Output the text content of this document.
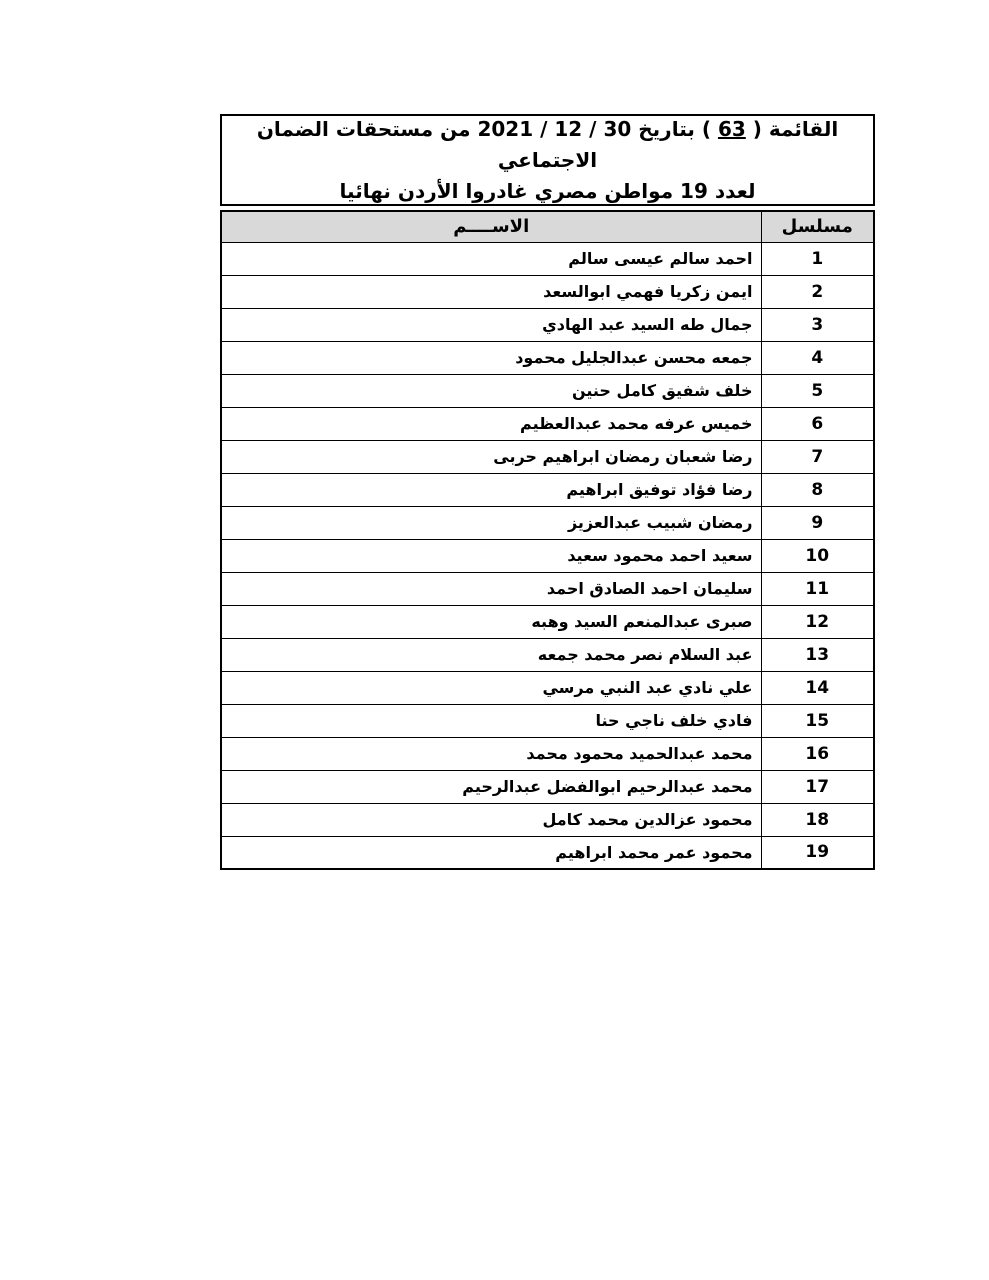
القائمة ( 63 ) بتاريخ 30 / 12 / 2021 من مستحقات الضمان الاجتماعي
لعدد 19 مواطن مصري غادروا الأردن نهائيا
مسلسل	الاســــم
1	احمد سالم عيسى سالم
2	ايمن زكريا فهمي ابوالسعد
3	جمال طه السيد عبد الهادي
4	جمعه محسن عبدالجليل محمود
5	خلف شفيق كامل حنين
6	خميس عرفه محمد عبدالعظيم
7	رضا شعبان رمضان ابراهيم حربى
8	رضا فؤاد توفيق ابراهيم
9	رمضان شبيب عبدالعزيز
10	سعيد احمد محمود سعيد
11	سليمان احمد الصادق احمد
12	صبرى عبدالمنعم السيد وهبه
13	عبد السلام نصر محمد جمعه
14	علي نادي عبد النبي مرسي
15	فادي خلف ناجي حنا
16	محمد عبدالحميد محمود محمد
17	محمد عبدالرحيم ابوالفضل عبدالرحيم
18	محمود عزالدين محمد كامل
19	محمود عمر محمد ابراهيم
